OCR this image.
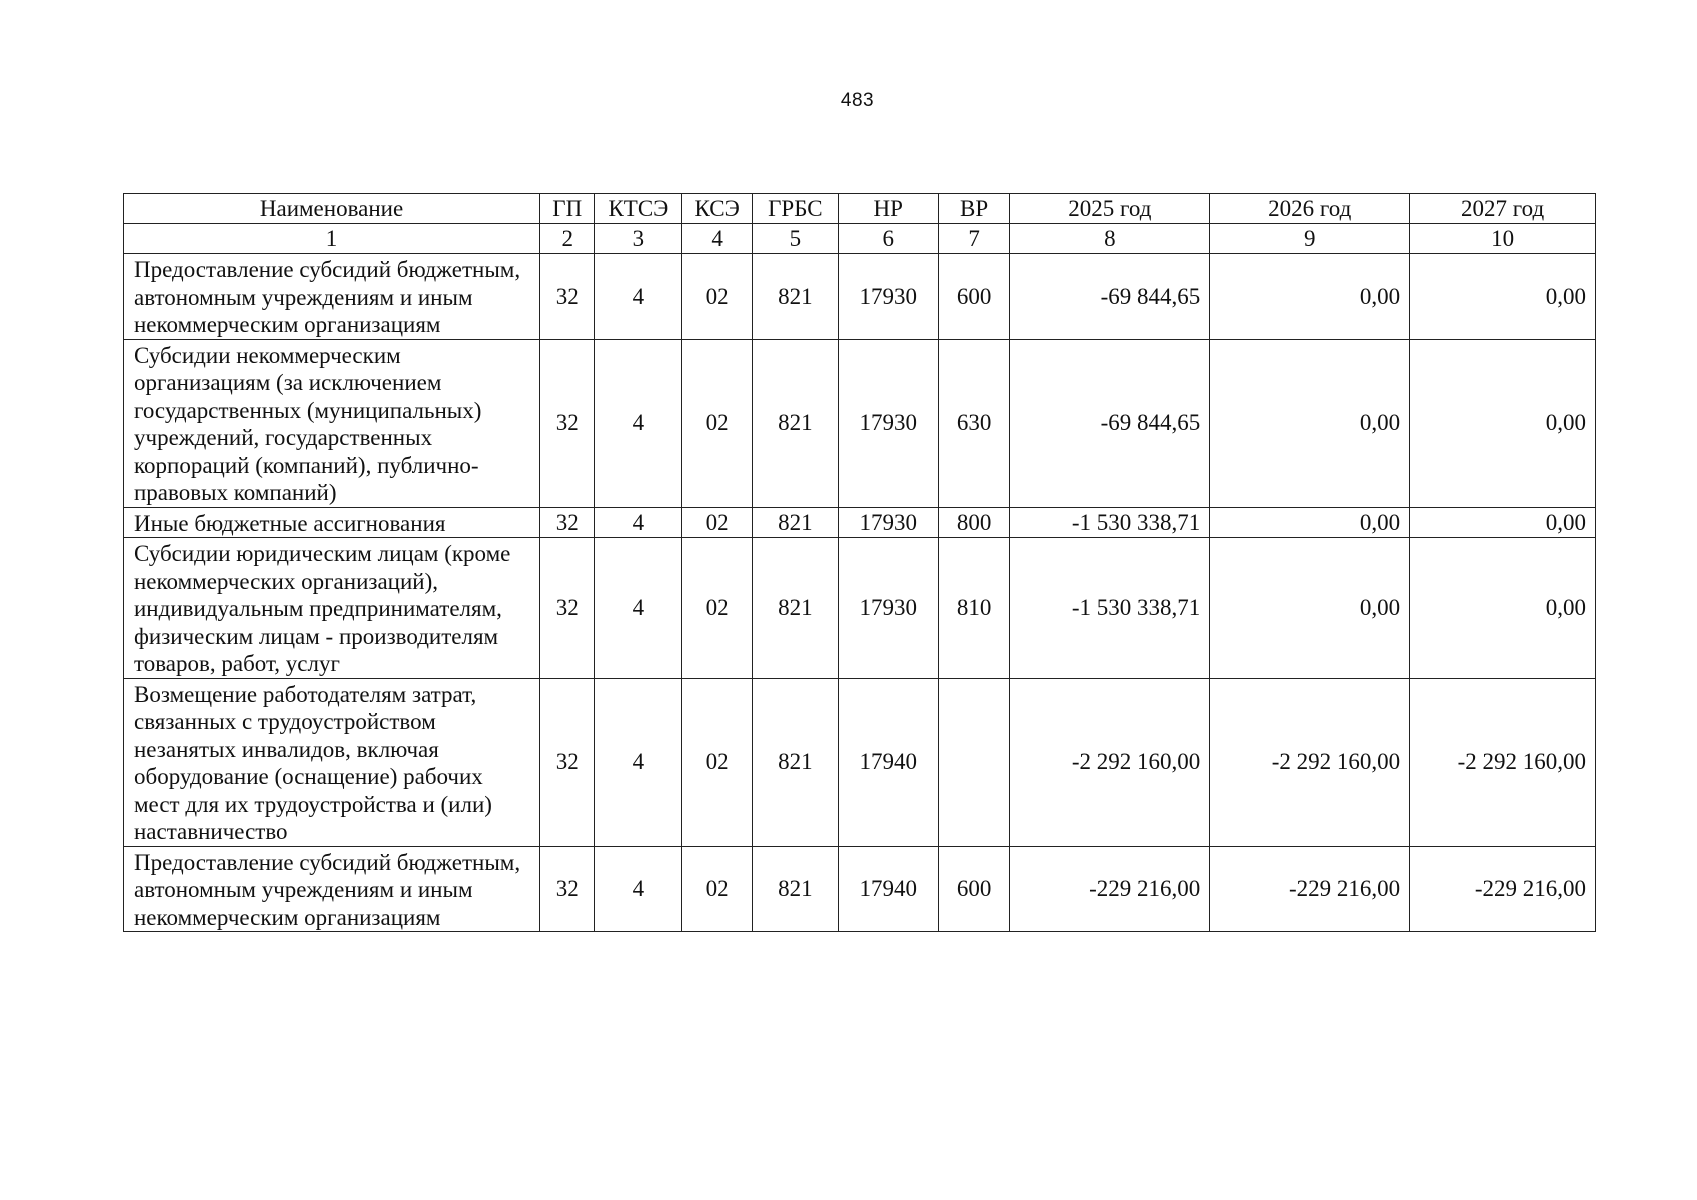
483
Наименование	ГП	КТСЭ	КСЭ	ГРБС	НР	ВР	2025 год	2026 год	2027 год
1	2	3	4	5	6	7	8	9	10
Предоставление субсидий бюджетным, автономным учреждениям и иным некоммерческим организациям	32	4	02	821	17930	600	-69 844,65	0,00	0,00
Субсидии некоммерческим организациям (за исключением государственных (муниципальных) учреждений, государственных корпораций (компаний), публично-правовых компаний)	32	4	02	821	17930	630	-69 844,65	0,00	0,00
Иные бюджетные ассигнования	32	4	02	821	17930	800	-1 530 338,71	0,00	0,00
Субсидии юридическим лицам (кроме некоммерческих организаций), индивидуальным предпринимателям, физическим лицам - производителям товаров, работ, услуг	32	4	02	821	17930	810	-1 530 338,71	0,00	0,00
Возмещение работодателям затрат, связанных с трудоустройством незанятых инвалидов, включая оборудование (оснащение) рабочих мест для их трудоустройства и (или) наставничество	32	4	02	821	17940		-2 292 160,00	-2 292 160,00	-2 292 160,00
Предоставление субсидий бюджетным, автономным учреждениям и иным некоммерческим организациям	32	4	02	821	17940	600	-229 216,00	-229 216,00	-229 216,00
